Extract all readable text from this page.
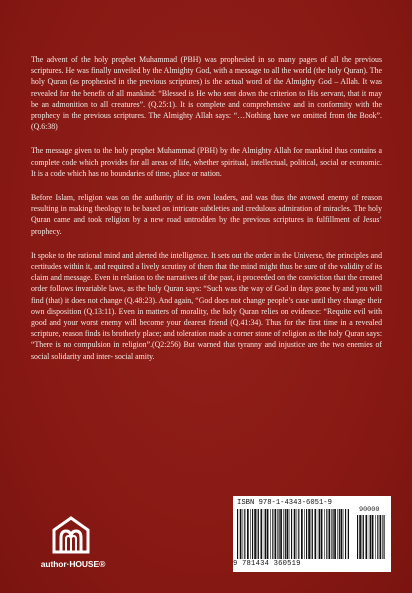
The advent of the holy prophet Muhammad (PBH) was prophesied in so many pages of all the previous scriptures. He was finally unveiled by the Almighty God, with a message to all the world (the holy Quran). The holy Quran (as prophesied in the previous scriptures) is the actual word of the Almighty God – Allah. It was revealed for the benefit of all mankind: “Blessed is He who sent down the criterion to His servant, that it may be an admonition to all creatures”. (Q.25:1). It is complete and comprehensive and in conformity with the prophecy in the previous scriptures. The Almighty Allah says: “…Nothing have we omitted from the Book”. (Q.6:38)

The message given to the holy prophet Muhammad (PBH) by the Almighty Allah for mankind thus contains a complete code which provides for all areas of life, whether spiritual, intellectual, political, social or economic. It is a code which has no boundaries of time, place or nation.

Before Islam, religion was on the authority of its own leaders, and was thus the avowed enemy of reason resulting in making theology to be based on intricate subtleties and credulous admiration of miracles. The holy Quran came and took religion by a new road untrodden by the previous scriptures in fulfillment of Jesus’ prophecy.

It spoke to the rational mind and alerted the intelligence. It sets out the order in the Universe, the principles and certitudes within it, and required a lively scrutiny of them that the mind might thus be sure of the validity of its claim and message. Even in relation to the narratives of the past, it proceeded on the conviction that the created order follows invariable laws, as the holy Quran says: “Such was the way of God in days gone by and you will find (that) it does not change (Q.48:23). And again, “God does not change people’s case until they change their own disposition (Q.13:11). Even in matters of morality, the holy Quran relies on evidence: “Requite evil with good and your worst enemy will become your dearest friend (Q.41:34). Thus for the first time in a revealed scripture, reason finds its brotherly place; and toleration made a corner stone of religion as the holy Quran says: “There is no compulsion in religion”.(Q2:256) But warned that tyranny and injustice are the two enemies of social solidarity and inter- social amity.

author·HOUSE®
ISBN 978-1-4343-6051-9
90000
9 781434 360519
